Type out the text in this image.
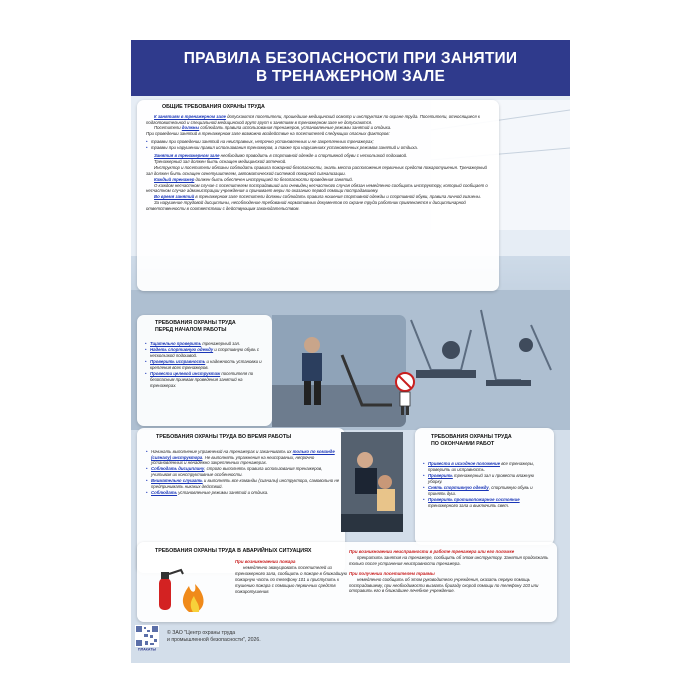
ПРАВИЛА БЕЗОПАСНОСТИ ПРИ ЗАНЯТИИ
В ТРЕНАЖЕРНОМ ЗАЛЕ
ОБЩИЕ ТРЕБОВАНИЯ ОХРАНЫ ТРУДА

К занятиям в тренажерном зале допускаются посетители, прошедшие медицинский осмотр и инструктаж по охране труда. Посетители, относящиеся к подготовительной и специальной медицинской групп групп к занятиям в тренажерном зале не допускаются.

Посетители должны соблюдать правила использования тренажеров, установленные режимы занятий и отдыха.

При проведении занятий в тренажерном зале возможно воздействие на посетителей следующих опасных факторов:

• травмы при проведении занятий на неисправных, непрочно установленных и не закрепленных тренажерах;
• травмы при нарушении правил использования тренажеров, а также при нарушениях установленных режимов занятий и отдыха.

Занятия в тренажерном зале необходимо проводить в спортивной одежде и спортивной обуви с нескользкой подошвой.

Тренажерный зал должен быть оснащен медицинской аптечкой.

Инструктор и посетители обязаны соблюдать правила пожарной безопасности, знать места расположения первичных средств пожаротушения. Тренажерный зал должен быть оснащен огнетушителем, автоматической системой пожарной сигнализации.

Каждый тренажер должен быть обеспечен инструкцией по безопасности проведения занятий.

О каждом несчастном случае с посетителем пострадавший или очевидец несчастного случая обязан немедленно сообщить инструктору, который сообщает о несчастном случае администрации учреждения и принимает меры по оказанию первой помощи пострадавшему.

Во время занятий в тренажерном зале посетители должны соблюдать правила ношения спортивной одежды и спортивной обуви, правила личной гигиены.

За нарушение трудовой дисциплины, несоблюдение требований нормативных документов по охране труда работник привлекается к дисциплинарной ответственности в соответствии с действующим законодательством.

ТРЕБОВАНИЯ ОХРАНЫ ТРУДА
ПЕРЕД НАЧАЛОМ РАБОТЫ
• Тщательно проверить тренажерный зал.
• Надеть спортивную одежду и спортивную обувь с нескользкой подошвой.
• Проверить исправность и надежность установки и крепления всех тренажеров.
• Провести целевой инструктаж посетителя по безопасным приемам проведения занятий на тренажерах.
ТРЕБОВАНИЯ ОХРАНЫ ТРУДА ВО ВРЕМЯ РАБОТЫ
• Начинать выполнение упражнений на тренажерах и заканчивать их только по команде (сигналу) инструктора. Не выполнять упражнения на неисправных, непрочно установленных и ненадежно закрепленных тренажерах.
• Соблюдать дисциплину, строго выполнять правила использования тренажеров, учитывая их конструктивные особенности.
• Внимательно слушать и выполнять все команды (сигналы) инструктора, самовольно не предпринимать никаких действий.
• Соблюдать установленные режимы занятий и отдыха.
ТРЕБОВАНИЯ ОХРАНЫ ТРУДА
ПО ОКОНЧАНИИ РАБОТ
• Привести в исходное положение все тренажеры, проверить их исправность.
• Проверить тренажерный зал и провести влажную уборку.
• Снять спортивную одежду, спортивную обувь и принять душ.
• Проверить противопожарное состояние тренажерного зала и выключить свет.
ТРЕБОВАНИЯ ОХРАНЫ ТРУДА В АВАРИЙНЫХ СИТУАЦИЯХ

При возникновении пожара

немедленно эвакуировать посетителей из тренажерного зала, сообщить о пожаре в ближайшую пожарную часть по телефону 101 и приступить к тушению пожара с помощью первичных средств пожаротушения.

При возникновении неисправности в работе тренажера или его поломке

прекратить занятия на тренажере, сообщить об этом инструктору. Занятия продолжать только после устранения неисправности тренажера.

При получении посетителем травмы

немедленно сообщить об этом руководителю учреждения, оказать первую помощь пострадавшему, при необходимости вызвать бригаду скорой помощи по телефону 103 или отправить его в ближайшее лечебное учреждение.

ПЛАКАТЫ
© ЗАО "Центр охраны труда
и промышленной безопасности", 2026.
